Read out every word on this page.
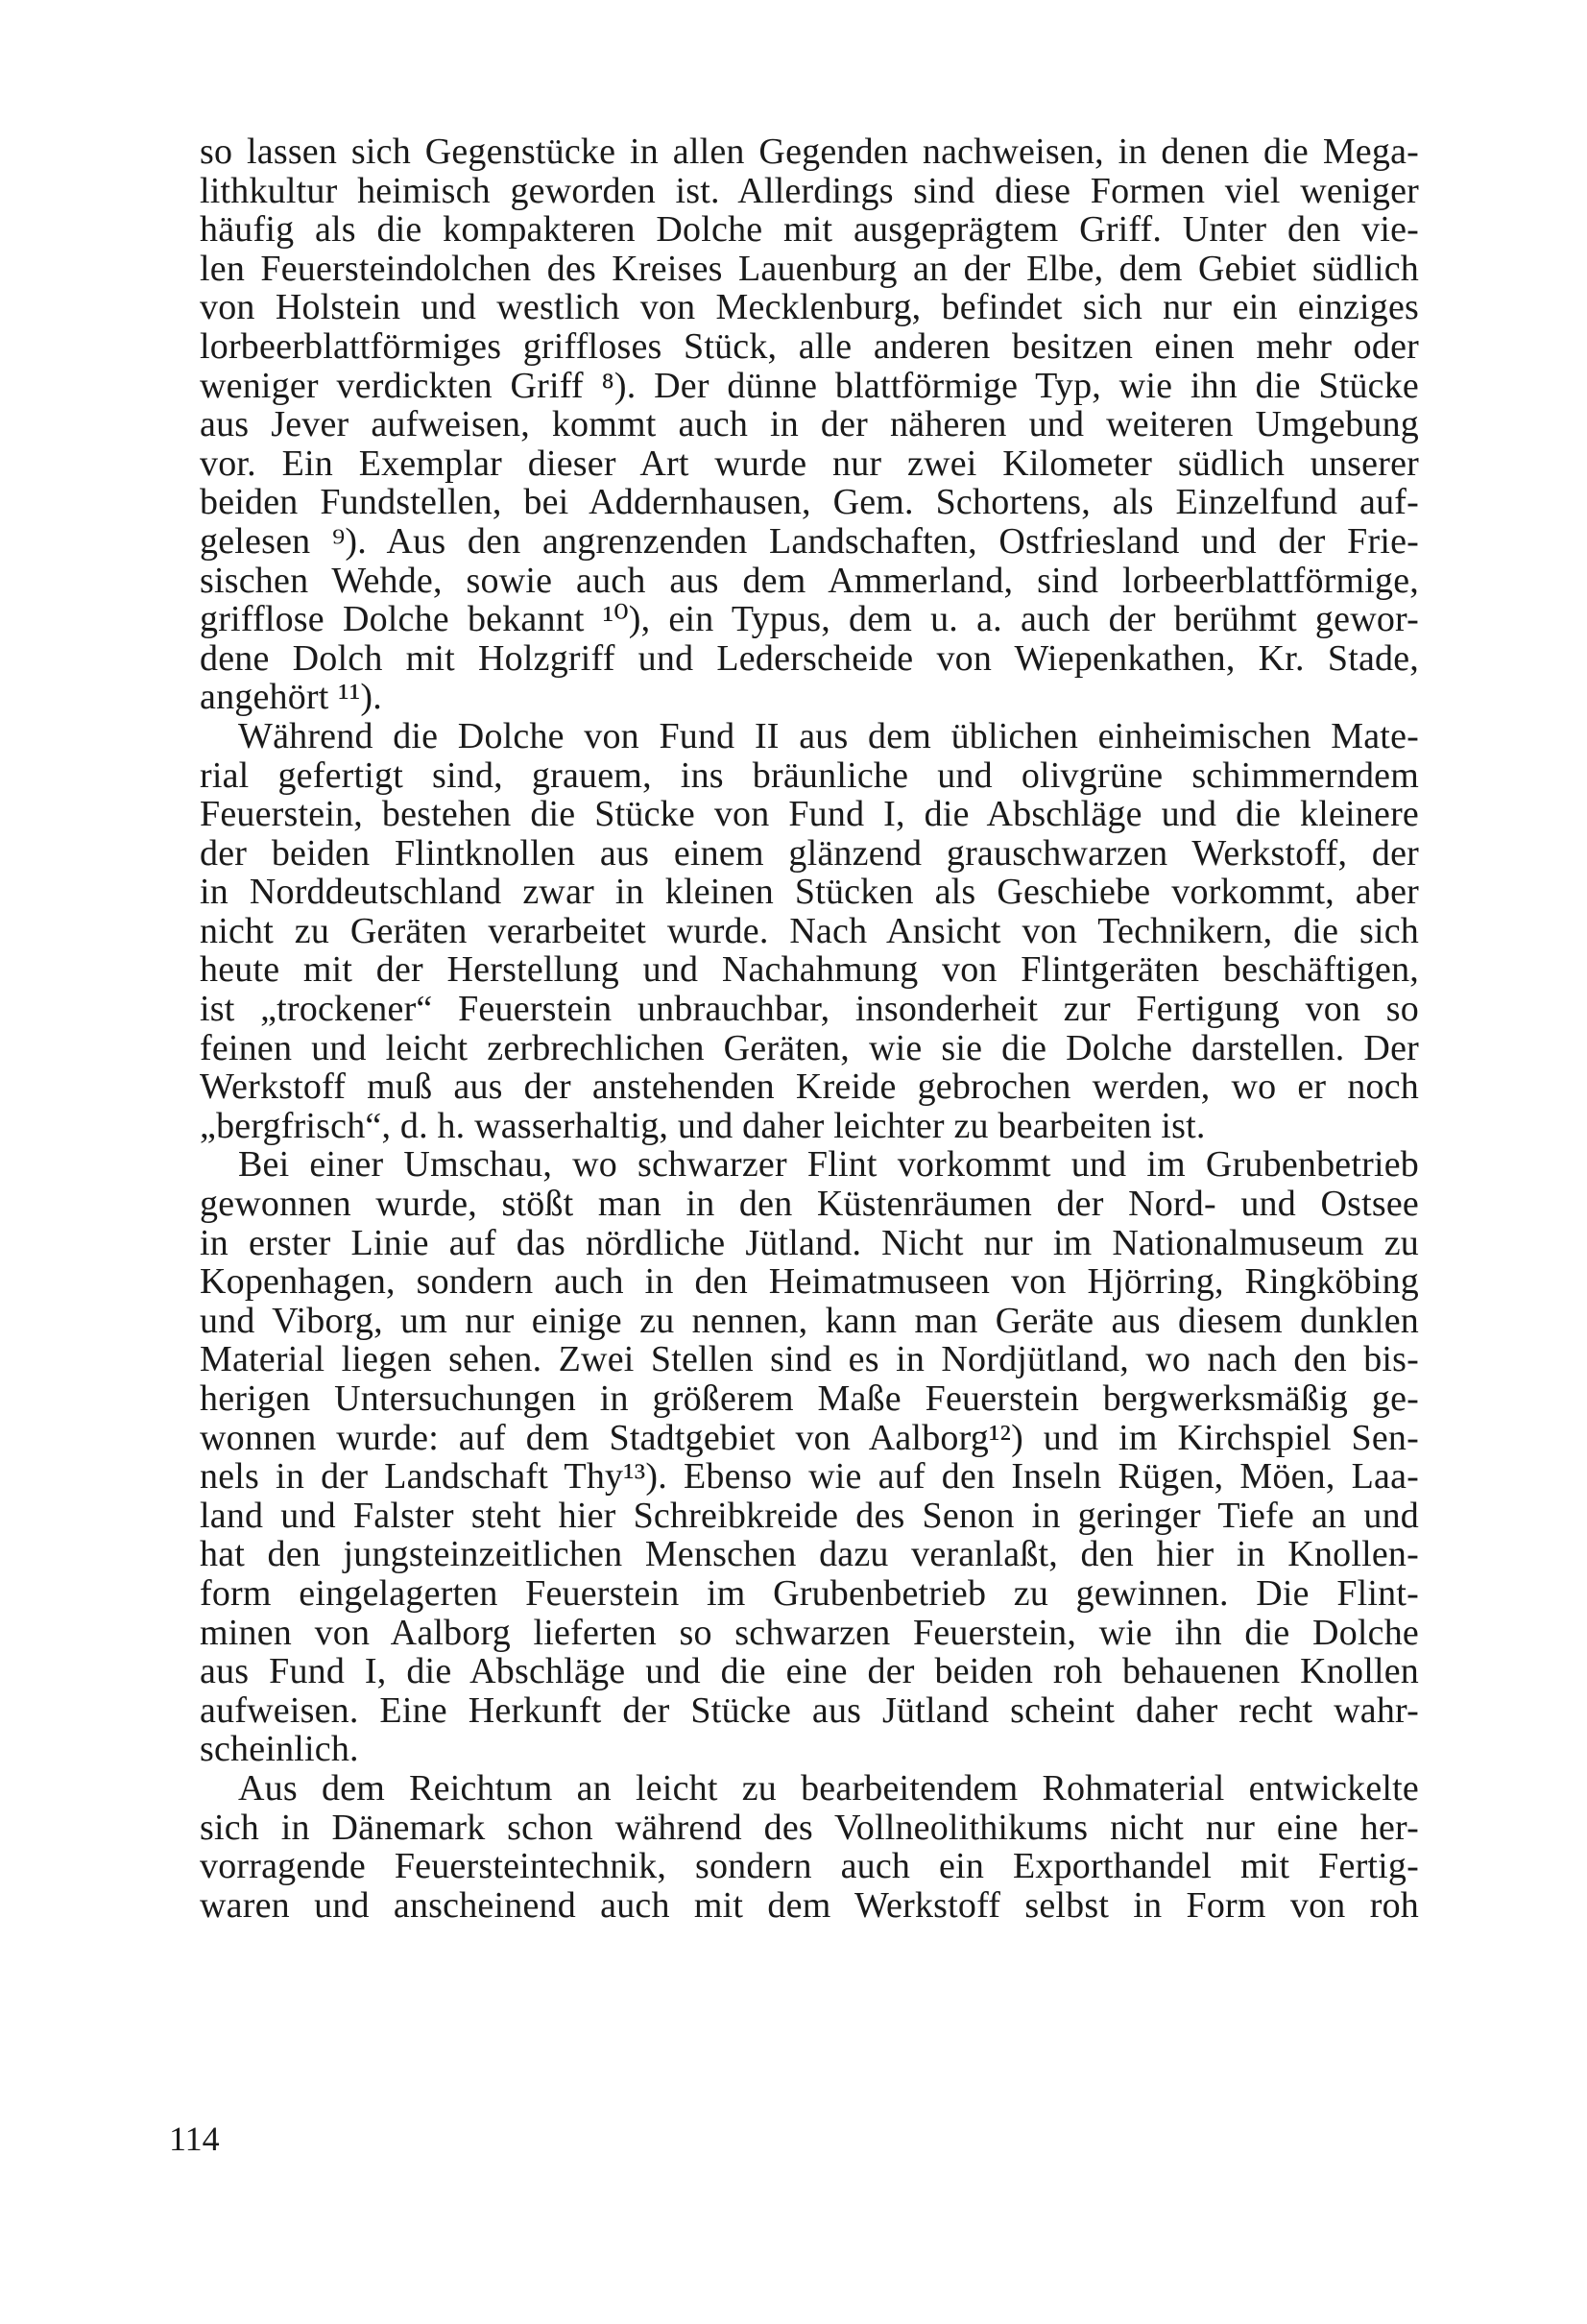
so lassen sich Gegenstücke in allen Gegenden nachweisen, in denen die Mega-
lithkultur heimisch geworden ist. Allerdings sind diese Formen viel weniger
häufig als die kompakteren Dolche mit ausgeprägtem Griff. Unter den vie-
len Feuersteindolchen des Kreises Lauenburg an der Elbe, dem Gebiet südlich
von Holstein und westlich von Mecklenburg, befindet sich nur ein einziges
lorbeerblattförmiges griffloses Stück, alle anderen besitzen einen mehr oder
weniger verdickten Griff ⁸). Der dünne blattförmige Typ, wie ihn die Stücke
aus Jever aufweisen, kommt auch in der näheren und weiteren Umgebung
vor. Ein Exemplar dieser Art wurde nur zwei Kilometer südlich unserer
beiden Fundstellen, bei Addernhausen, Gem. Schortens, als Einzelfund auf-
gelesen ⁹). Aus den angrenzenden Landschaften, Ostfriesland und der Frie-
sischen Wehde, sowie auch aus dem Ammerland, sind lorbeerblattförmige,
grifflose Dolche bekannt ¹⁰), ein Typus, dem u. a. auch der berühmt gewor-
dene Dolch mit Holzgriff und Lederscheide von Wiepenkathen, Kr. Stade,
angehört ¹¹).
Während die Dolche von Fund II aus dem üblichen einheimischen Mate-
rial gefertigt sind, grauem, ins bräunliche und olivgrüne schimmerndem
Feuerstein, bestehen die Stücke von Fund I, die Abschläge und die kleinere
der beiden Flintknollen aus einem glänzend grauschwarzen Werkstoff, der
in Norddeutschland zwar in kleinen Stücken als Geschiebe vorkommt, aber
nicht zu Geräten verarbeitet wurde. Nach Ansicht von Technikern, die sich
heute mit der Herstellung und Nachahmung von Flintgeräten beschäftigen,
ist „trockener“ Feuerstein unbrauchbar, insonderheit zur Fertigung von so
feinen und leicht zerbrechlichen Geräten, wie sie die Dolche darstellen. Der
Werkstoff muß aus der anstehenden Kreide gebrochen werden, wo er noch
„bergfrisch“, d. h. wasserhaltig, und daher leichter zu bearbeiten ist.
Bei einer Umschau, wo schwarzer Flint vorkommt und im Grubenbetrieb
gewonnen wurde, stößt man in den Küstenräumen der Nord- und Ostsee
in erster Linie auf das nördliche Jütland. Nicht nur im Nationalmuseum zu
Kopenhagen, sondern auch in den Heimatmuseen von Hjörring, Ringköbing
und Viborg, um nur einige zu nennen, kann man Geräte aus diesem dunklen
Material liegen sehen. Zwei Stellen sind es in Nordjütland, wo nach den bis-
herigen Untersuchungen in größerem Maße Feuerstein bergwerksmäßig ge-
wonnen wurde: auf dem Stadtgebiet von Aalborg¹²) und im Kirchspiel Sen-
nels in der Landschaft Thy¹³). Ebenso wie auf den Inseln Rügen, Möen, Laa-
land und Falster steht hier Schreibkreide des Senon in geringer Tiefe an und
hat den jungsteinzeitlichen Menschen dazu veranlaßt, den hier in Knollen-
form eingelagerten Feuerstein im Grubenbetrieb zu gewinnen. Die Flint-
minen von Aalborg lieferten so schwarzen Feuerstein, wie ihn die Dolche
aus Fund I, die Abschläge und die eine der beiden roh behauenen Knollen
aufweisen. Eine Herkunft der Stücke aus Jütland scheint daher recht wahr-
scheinlich.
Aus dem Reichtum an leicht zu bearbeitendem Rohmaterial entwickelte
sich in Dänemark schon während des Vollneolithikums nicht nur eine her-
vorragende Feuersteintechnik, sondern auch ein Exporthandel mit Fertig-
waren und anscheinend auch mit dem Werkstoff selbst in Form von roh
114
